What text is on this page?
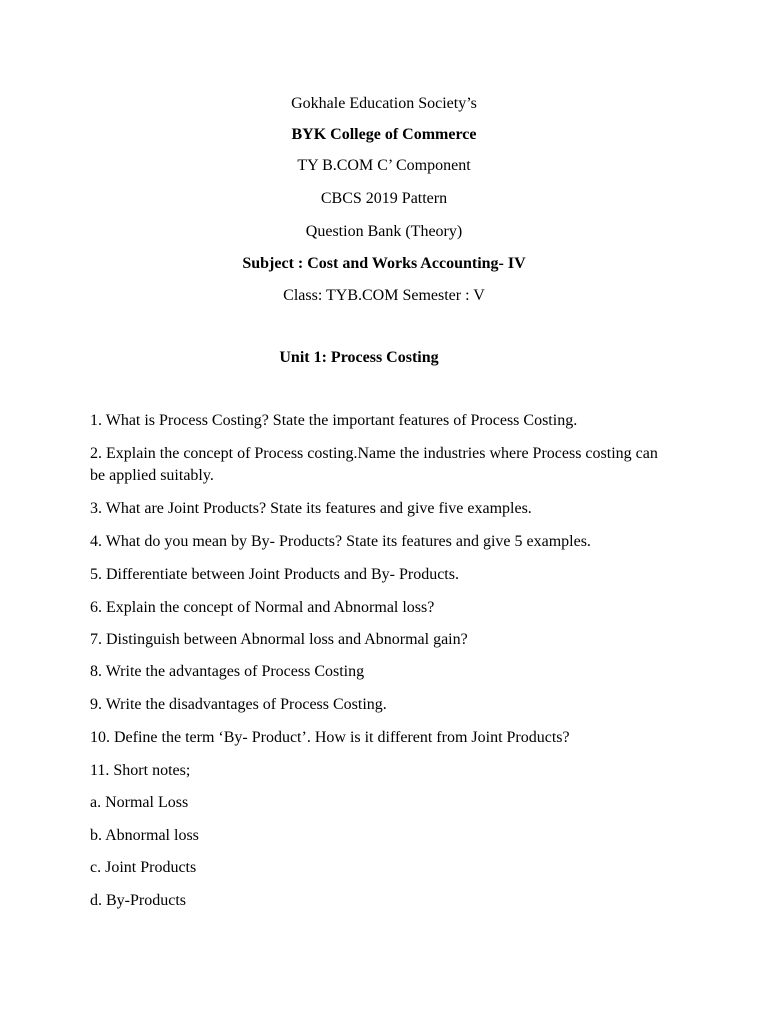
Gokhale Education Society’s
BYK College of Commerce
TY B.COM C’ Component
CBCS 2019 Pattern
Question Bank (Theory)
Subject : Cost and Works Accounting- IV
Class: TYB.COM Semester : V
Unit 1: Process Costing
1. What is Process Costing? State the important features of Process Costing.
2. Explain the concept of Process costing.Name the industries where Process costing can be applied suitably.
3. What are Joint Products? State its features and give five examples.
4. What do you mean by By- Products? State its features and give 5 examples.
5. Differentiate between Joint Products and By- Products.
6. Explain the concept of Normal and Abnormal loss?
7. Distinguish between Abnormal loss and Abnormal gain?
8. Write the advantages of Process Costing
9. Write the disadvantages of Process Costing.
10. Define the term ‘By- Product’. How is it different from Joint Products?
11. Short notes;
a. Normal Loss
b. Abnormal loss
c. Joint Products
d. By-Products
